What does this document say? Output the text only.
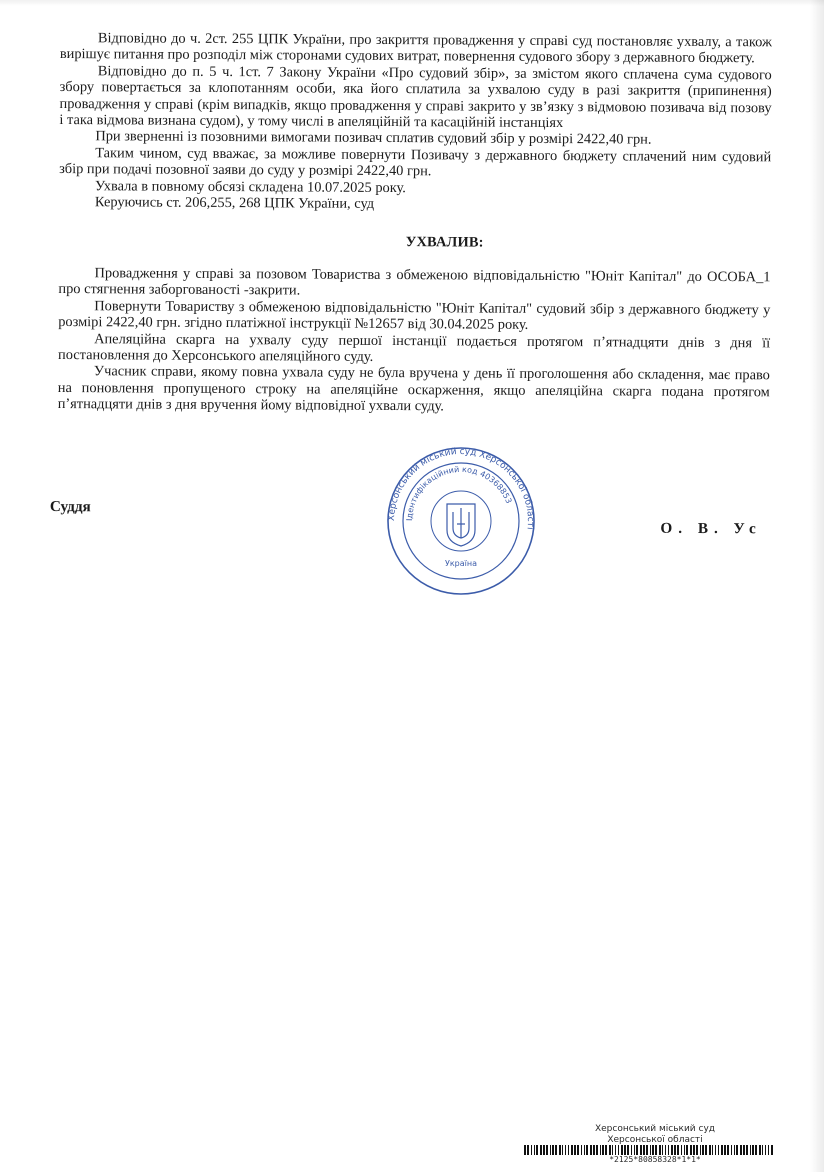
Відповідно до ч. 2ст. 255 ЦПК України, про закриття провадження у справі суд постановляє ухвалу, а також вирішує питання про розподіл між сторонами судових витрат, повернення судового збору з державного бюджету.

Відповідно до п. 5 ч. 1ст. 7 Закону України «Про судовий збір», за змістом якого сплачена сума судового збору повертається за клопотанням особи, яка його сплатила за ухвалою суду в разі закриття (припинення) провадження у справі (крім випадків, якщо провадження у справі закрито у зв’язку з відмовою позивача від позову і така відмова визнана судом), у тому числі в апеляційній та касаційній інстанціях

При зверненні із позовними вимогами позивач сплатив судовий збір у розмірі 2422,40 грн.

Таким чином, суд вважає, за можливе повернути Позивачу з державного бюджету сплачений ним судовий збір при подачі позовної заяви до суду у розмірі 2422,40 грн.

Ухвала в повному обсязі складена 10.07.2025 року.

Керуючись ст. 206,255, 268 ЦПК України, суд

УХВАЛИВ:

Провадження у справі за позовом Товариства з обмеженою відповідальністю "Юніт Капітал" до ОСОБА_1 про стягнення заборгованості -закрити.

Повернути Товариству з обмеженою відповідальністю "Юніт Капітал" судовий збір з державного бюджету у розмірі 2422,40 грн. згідно платіжної інструкції №12657 від 30.04.2025 року.

Апеляційна скарга на ухвалу суду першої інстанції подається протягом п’ятнадцяти днів з дня її постановлення до Херсонського апеляційного суду.

Учасник справи, якому повна ухвала суду не була вручена у день її проголошення або складення, має право на поновлення пропущеного строку на апеляційне оскарження, якщо апеляційна скарга подана протягом п’ятнадцяти днів з дня вручення йому відповідної ухвали суду.

Херсонський міський суд Херсонської області
Ідентифікаційний код 40368853
Україна
Суддя
О. В. Ус
Херсонський міський суд
Херсонської області
*2125*80858328*1*1*
